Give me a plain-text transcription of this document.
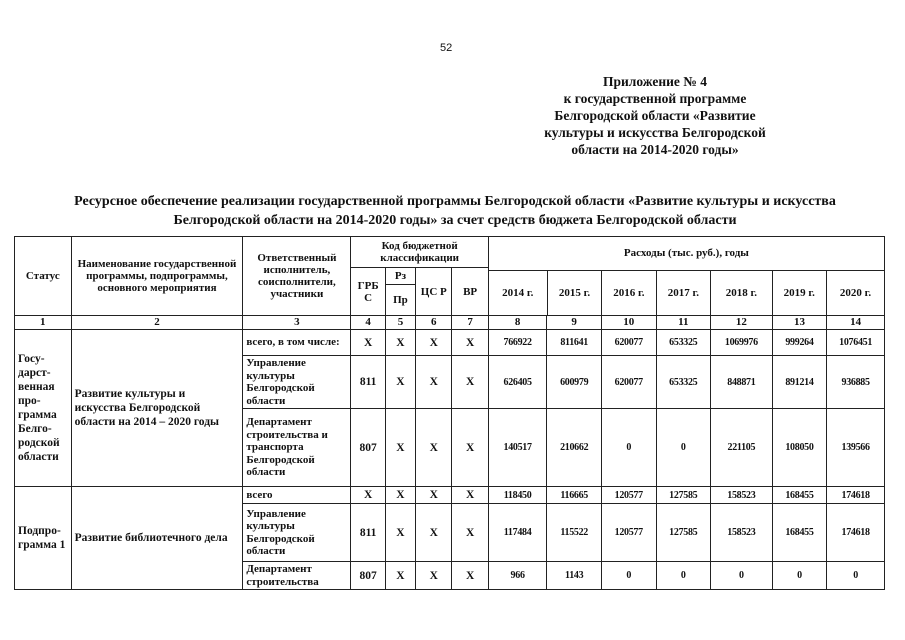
52
Приложение № 4
к государственной программе
Белгородской области «Развитие
культуры и искусства Белгородской
области на 2014-2020 годы»
Ресурсное обеспечение реализации государственной программы Белгородской области «Развитие культуры и искусства
Белгородской области на 2014-2020 годы» за счет средств бюджета Белгородской области
Статус	Наименование государственной программы, подпрограммы, основного мероприятия	Ответственный исполнитель, соисполнители, участники	Код бюджетной классификации	Расходы (тыс. руб.), годы
2014 г.	2015 г.	2016 г.	2017 г.	2018 г.	2019 г.	2020 г.

ГРБС	Рз	ЦС Р	ВР
Пр
1	2	3	4	5	6	7	8	9	10	11	12	13	14
Госу-дарст-венная про-грамма Белго-родской области	Развитие культуры и искусства Белгородской области на 2014 – 2020 годы	всего, в том числе:	Х	Х	Х	Х	766922	811641	620077	653325	1069976	999264	1076451
Управление культуры Белгородской области	811	Х	Х	Х	626405	600979	620077	653325	848871	891214	936885
Департамент строительства и транспорта Белгородской области	807	Х	Х	Х	140517	210662	0	0	221105	108050	139566
Подпро-грамма 1	Развитие библиотечного дела	всего	Х	Х	Х	Х	118450	116665	120577	127585	158523	168455	174618
Управление культуры Белгородской области	811	Х	Х	Х	117484	115522	120577	127585	158523	168455	174618
Департамент строительства	807	Х	Х	Х	966	1143	0	0	0	0	0
